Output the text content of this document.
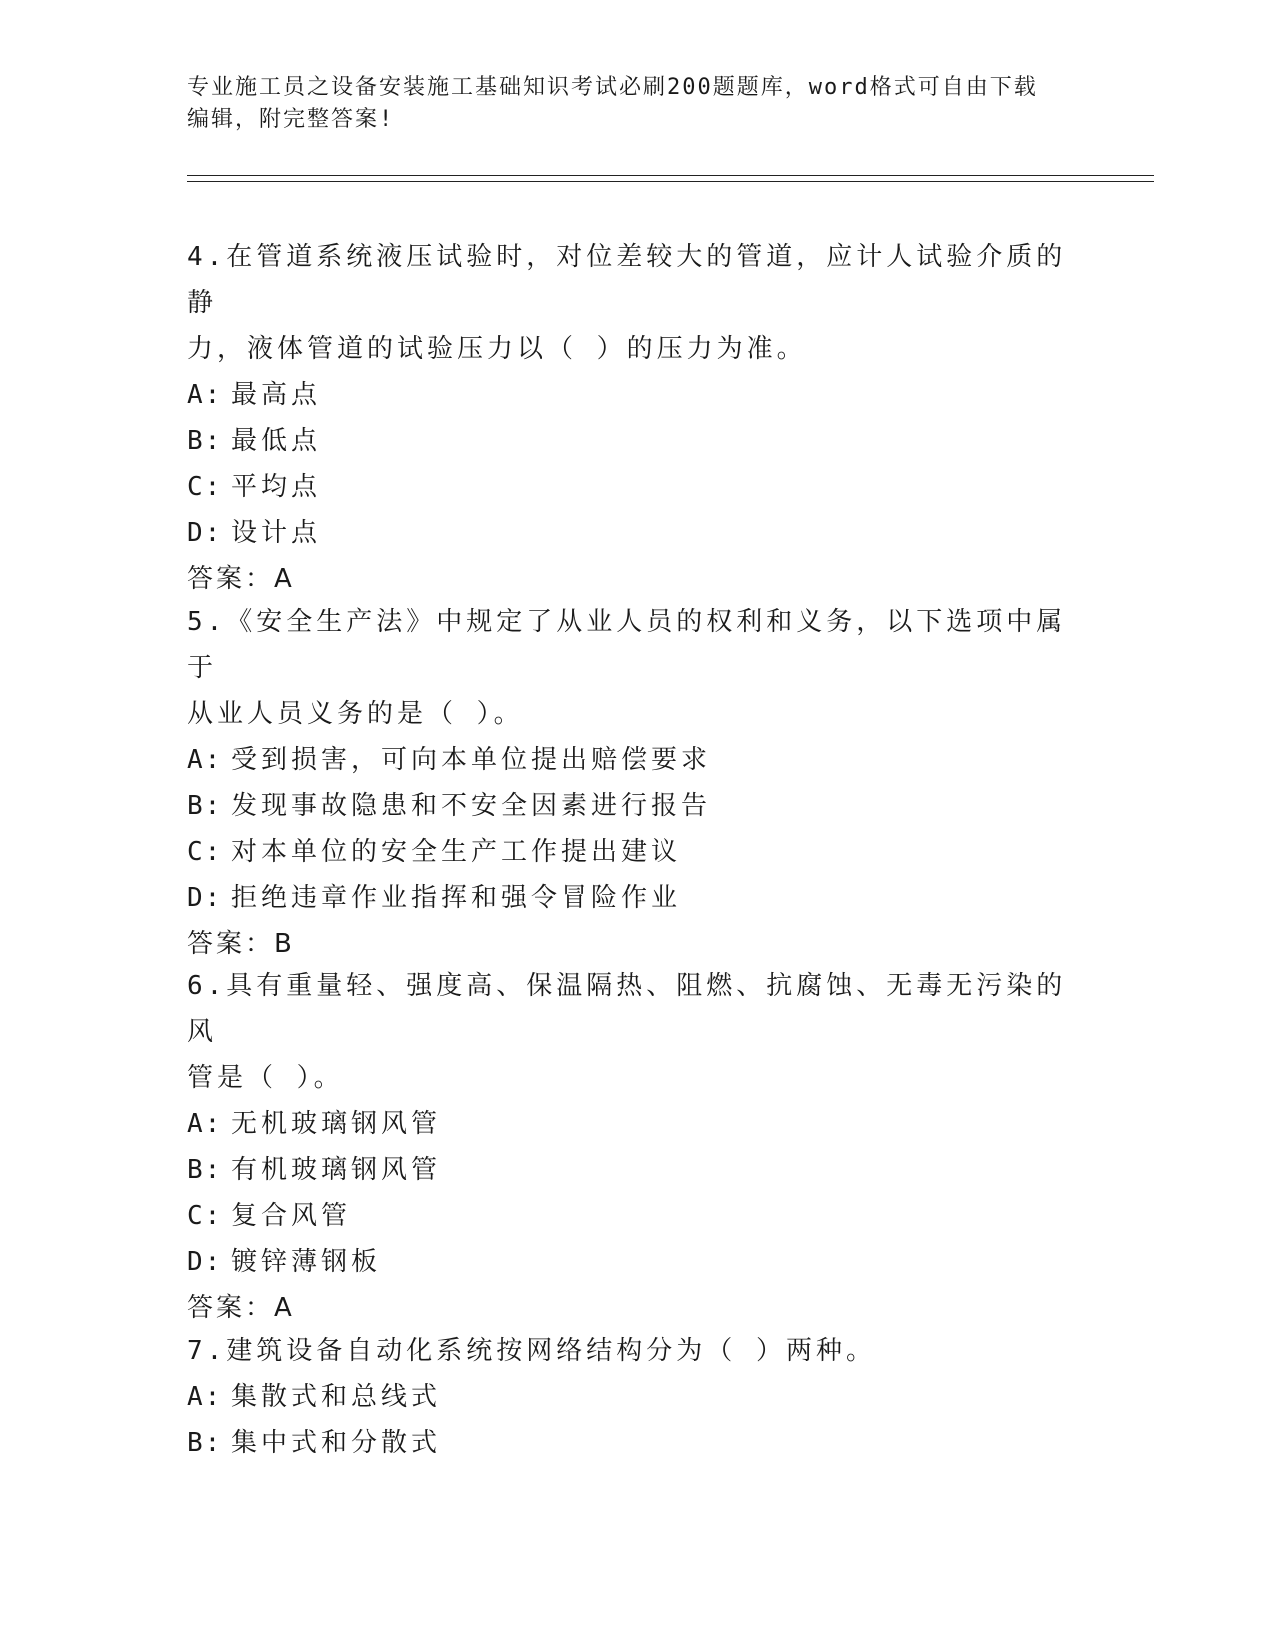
专业施工员之设备安装施工基础知识考试必刷200题题库，word格式可自由下载
编辑，附完整答案!

4.在管道系统液压试验时，对位差较大的管道，应计人试验介质的静
力，液体管道的试验压力以（ ）的压力为准。

A: 最高点

B: 最低点

C: 平均点

D: 设计点

答案：A

5.《安全生产法》中规定了从业人员的权利和义务，以下选项中属于
从业人员义务的是（ ）。

A: 受到损害，可向本单位提出赔偿要求

B: 发现事故隐患和不安全因素进行报告

C: 对本单位的安全生产工作提出建议

D: 拒绝违章作业指挥和强令冒险作业

答案：B

6.具有重量轻、强度高、保温隔热、阻燃、抗腐蚀、无毒无污染的风
管是（ ）。

A: 无机玻璃钢风管

B: 有机玻璃钢风管

C: 复合风管

D: 镀锌薄钢板

答案：A

7.建筑设备自动化系统按网络结构分为（ ）两种。

A: 集散式和总线式

B: 集中式和分散式
